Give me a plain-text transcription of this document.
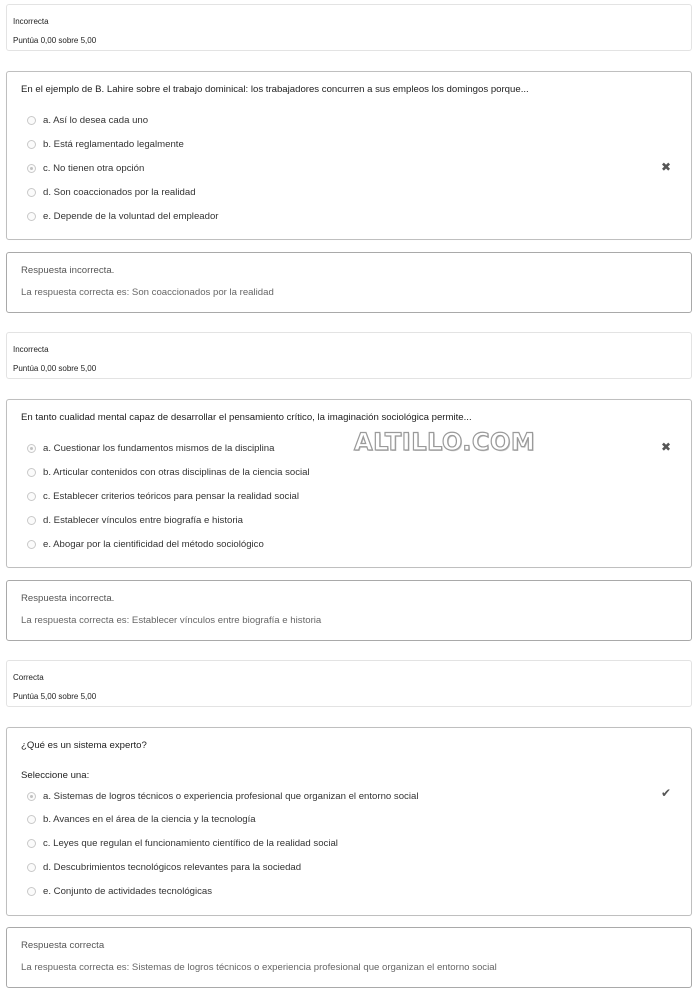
Incorrecta
Puntúa 0,00 sobre 5,00
En el ejemplo de B. Lahire sobre el trabajo dominical: los trabajadores concurren a sus empleos los domingos porque...
a. Así lo desea cada uno
b. Está reglamentado legalmente
c. No tienen otra opción
d. Son coaccionados por la realidad
e. Depende de la voluntad del empleador
✖
Respuesta incorrecta.
La respuesta correcta es: Son coaccionados por la realidad
Incorrecta
Puntúa 0,00 sobre 5,00
En tanto cualidad mental capaz de desarrollar el pensamiento crítico, la imaginación sociológica permite...
a. Cuestionar los fundamentos mismos de la disciplina
b. Articular contenidos con otras disciplinas de la ciencia social
c. Establecer criterios teóricos para pensar la realidad social
d. Establecer vínculos entre biografía e historia
e. Abogar por la cientificidad del método sociológico
✖
Respuesta incorrecta.
La respuesta correcta es: Establecer vínculos entre biografía e historia
Correcta
Puntúa 5,00 sobre 5,00
¿Qué es un sistema experto?
Seleccione una:
a. Sistemas de logros técnicos o experiencia profesional que organizan el entorno social
b. Avances en el área de la ciencia y la tecnología
c. Leyes que regulan el funcionamiento científico de la realidad social
d. Descubrimientos tecnológicos relevantes para la sociedad
e. Conjunto de actividades tecnológicas
✔
Respuesta correcta
La respuesta correcta es: Sistemas de logros técnicos o experiencia profesional que organizan el entorno social
ALTILLO.COM
